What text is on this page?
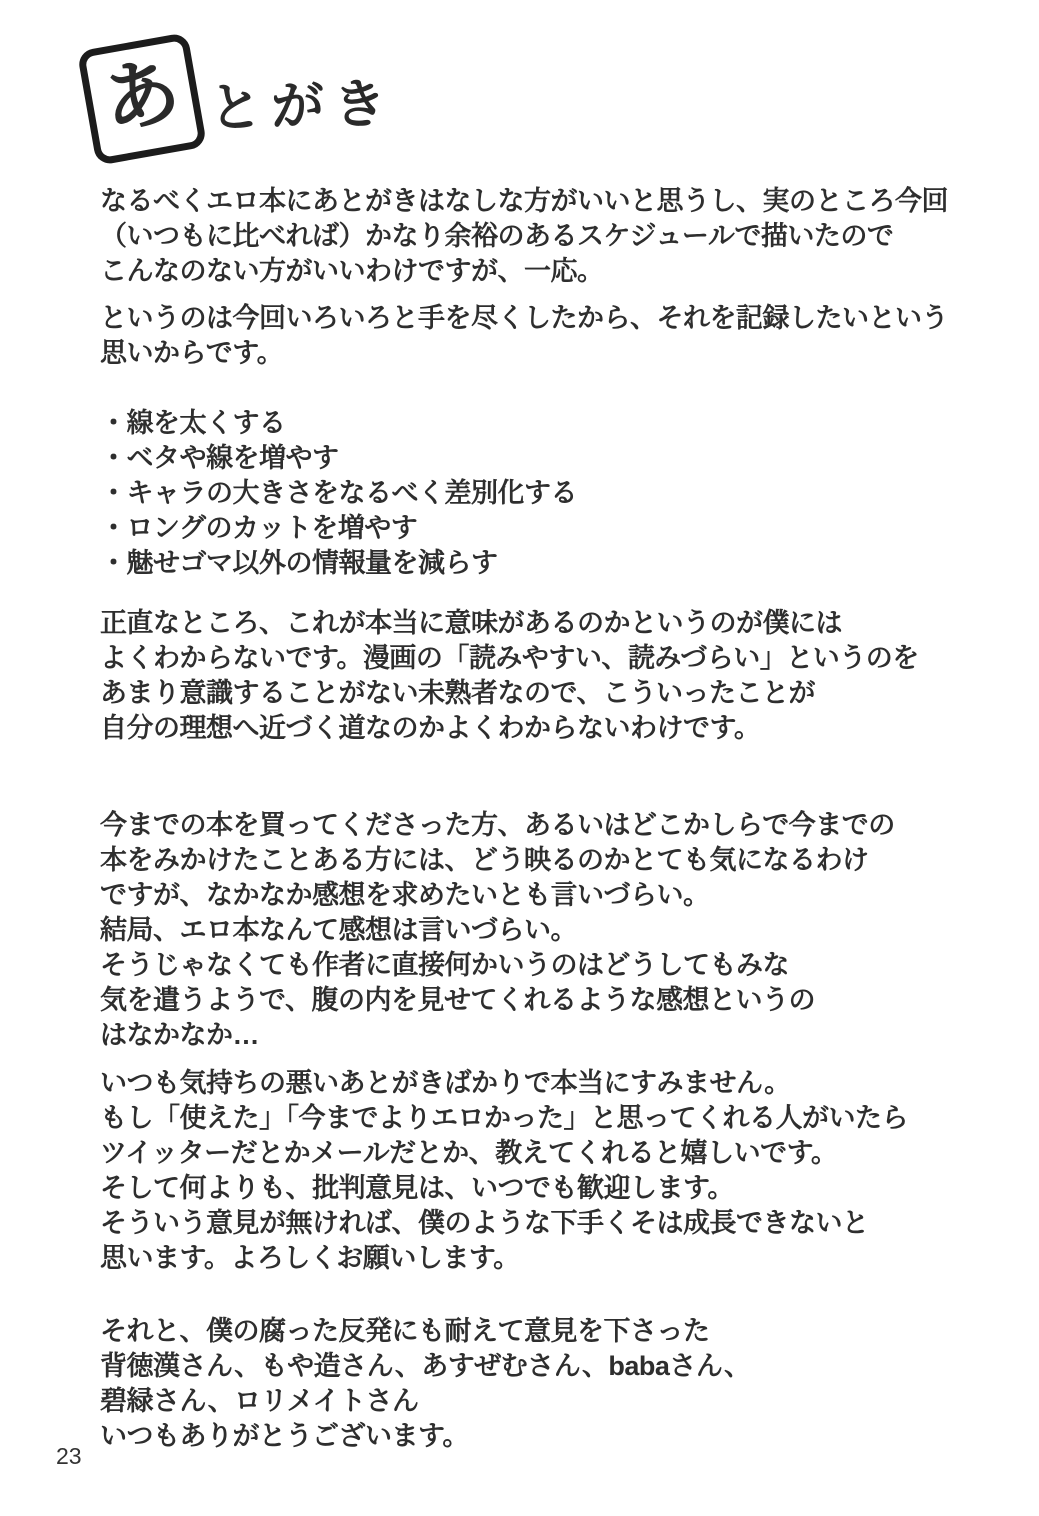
あ とがき
なるべくエロ本にあとがきはなしな方がいいと思うし、実のところ今回
（いつもに比べれば）かなり余裕のあるスケジュールで描いたので
こんなのない方がいいわけですが、一応。
というのは今回いろいろと手を尽くしたから、それを記録したいという
思いからです。
・線を太くする
・ベタや線を増やす
・キャラの大きさをなるべく差別化する
・ロングのカットを増やす
・魅せゴマ以外の情報量を減らす
正直なところ、これが本当に意味があるのかというのが僕には
よくわからないです。漫画の「読みやすい、読みづらい」というのを
あまり意識することがない未熟者なので、こういったことが
自分の理想へ近づく道なのかよくわからないわけです。
今までの本を買ってくださった方、あるいはどこかしらで今までの
本をみかけたことある方には、どう映るのかとても気になるわけ
ですが、なかなか感想を求めたいとも言いづらい。
結局、エロ本なんて感想は言いづらい。
そうじゃなくても作者に直接何かいうのはどうしてもみな
気を遣うようで、腹の内を見せてくれるような感想というの
はなかなか…
いつも気持ちの悪いあとがきばかりで本当にすみません。
もし「使えた」「今までよりエロかった」と思ってくれる人がいたら
ツイッターだとかメールだとか、教えてくれると嬉しいです。
そして何よりも、批判意見は、いつでも歓迎します。
そういう意見が無ければ、僕のような下手くそは成長できないと
思います。よろしくお願いします。
それと、僕の腐った反発にも耐えて意見を下さった
背徳漢さん、もや造さん、あすぜむさん、babaさん、
碧緑さん、ロリメイトさん
いつもありがとうございます。
23
